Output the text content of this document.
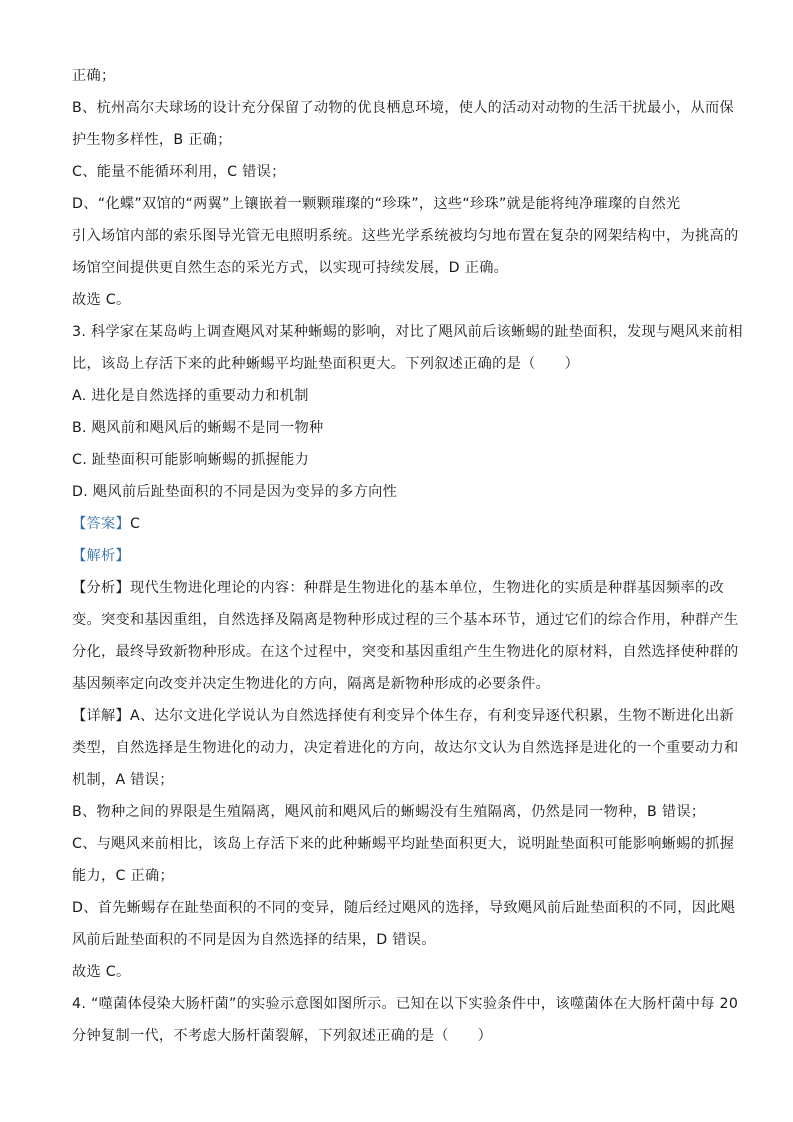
正确；
B、杭州高尔夫球场的设计充分保留了动物的优良栖息环境，使人的活动对动物的生活干扰最小，从而保
护生物多样性，B 正确；
C、能量不能循环利用，C 错误；
D、“化蝶”双馆的“两翼”上镶嵌着一颗颗璀璨的“珍珠”，这些“珍珠”就是能将纯净璀璨的自然光
引入场馆内部的索乐图导光管无电照明系统。这些光学系统被均匀地布置在复杂的网架结构中，为挑高的
场馆空间提供更自然生态的采光方式，以实现可持续发展，D 正确。
故选 C。
3. 科学家在某岛屿上调查飓风对某种蜥蜴的影响，对比了飓风前后该蜥蜴的趾垫面积，发现与飓风来前相
比，该岛上存活下来的此种蜥蜴平均趾垫面积更大。下列叙述正确的是（　　）
A. 进化是自然选择的重要动力和机制
B. 飓风前和飓风后的蜥蜴不是同一物种
C. 趾垫面积可能影响蜥蜴的抓握能力
D. 飓风前后趾垫面积的不同是因为变异的多方向性
【答案】C
【解析】
【分析】现代生物进化理论的内容：种群是生物进化的基本单位，生物进化的实质是种群基因频率的改
变。突变和基因重组，自然选择及隔离是物种形成过程的三个基本环节，通过它们的综合作用，种群产生
分化，最终导致新物种形成。在这个过程中，突变和基因重组产生生物进化的原材料，自然选择使种群的
基因频率定向改变并决定生物进化的方向，隔离是新物种形成的必要条件。
【详解】A、达尔文进化学说认为自然选择使有利变异个体生存，有利变异逐代积累，生物不断进化出新
类型，自然选择是生物进化的动力，决定着进化的方向，故达尔文认为自然选择是进化的一个重要动力和
机制，A 错误；
B、物种之间的界限是生殖隔离，飓风前和飓风后的蜥蜴没有生殖隔离，仍然是同一物种，B 错误；
C、与飓风来前相比，该岛上存活下来的此种蜥蜴平均趾垫面积更大，说明趾垫面积可能影响蜥蜴的抓握
能力，C 正确；
D、首先蜥蜴存在趾垫面积的不同的变异，随后经过飓风的选择，导致飓风前后趾垫面积的不同，因此飓
风前后趾垫面积的不同是因为自然选择的结果，D 错误。
故选 C。
4. “噬菌体侵染大肠杆菌”的实验示意图如图所示。已知在以下实验条件中，该噬菌体在大肠杆菌中每 20
分钟复制一代，不考虑大肠杆菌裂解，下列叙述正确的是（　　）
